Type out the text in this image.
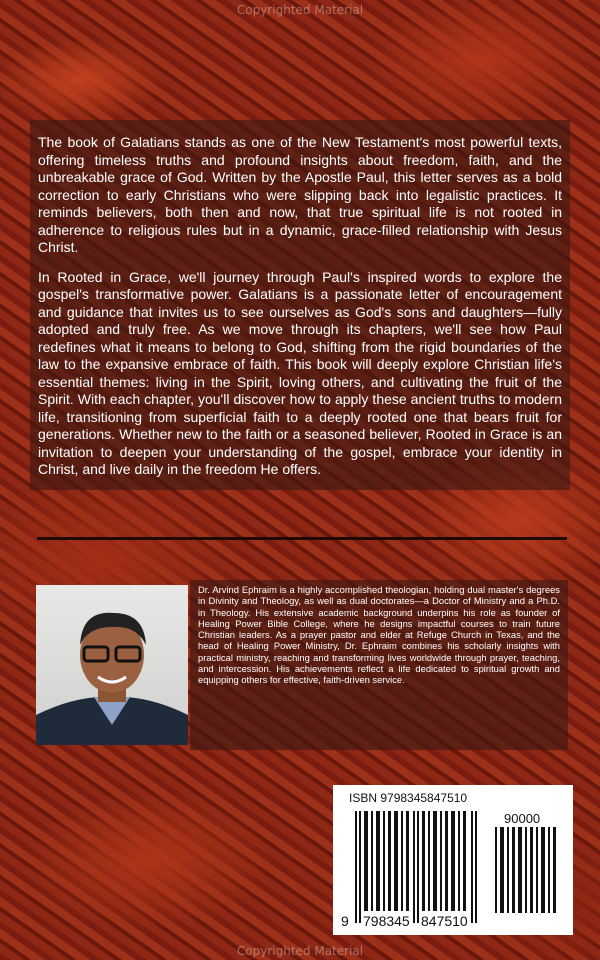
Copyrighted Material

The book of Galatians stands as one of the New Testament's most powerful texts, offering timeless truths and profound insights about freedom, faith, and the unbreakable grace of God. Written by the Apostle Paul, this letter serves as a bold correction to early Christians who were slipping back into legalistic practices. It reminds believers, both then and now, that true spiritual life is not rooted in adherence to religious rules but in a dynamic, grace-filled relationship with Jesus Christ.

In Rooted in Grace, we'll journey through Paul's inspired words to explore the gospel's transformative power. Galatians is a passionate letter of encouragement and guidance that invites us to see ourselves as God's sons and daughters—fully adopted and truly free. As we move through its chapters, we'll see how Paul redefines what it means to belong to God, shifting from the rigid boundaries of the law to the expansive embrace of faith. This book will deeply explore Christian life's essential themes: living in the Spirit, loving others, and cultivating the fruit of the Spirit. With each chapter, you'll discover how to apply these ancient truths to modern life, transitioning from superficial faith to a deeply rooted one that bears fruit for generations. Whether new to the faith or a seasoned believer, Rooted in Grace is an invitation to deepen your understanding of the gospel, embrace your identity in Christ, and live daily in the freedom He offers.

Dr. Arvind Ephraim is a highly accomplished theologian, holding dual master's degrees in Divinity and Theology, as well as dual doctorates—a Doctor of Ministry and a Ph.D. in Theology. His extensive academic background underpins his role as founder of Healing Power Bible College, where he designs impactful courses to train future Christian leaders. As a prayer pastor and elder at Refuge Church in Texas, and the head of Healing Power Ministry, Dr. Ephraim combines his scholarly insights with practical ministry, reaching and transforming lives worldwide through prayer, teaching, and intercession. His achievements reflect a life dedicated to spiritual growth and equipping others for effective, faith-driven service.

ISBN 9798345847510
90000
9 798345 847510
Copyrighted Material
